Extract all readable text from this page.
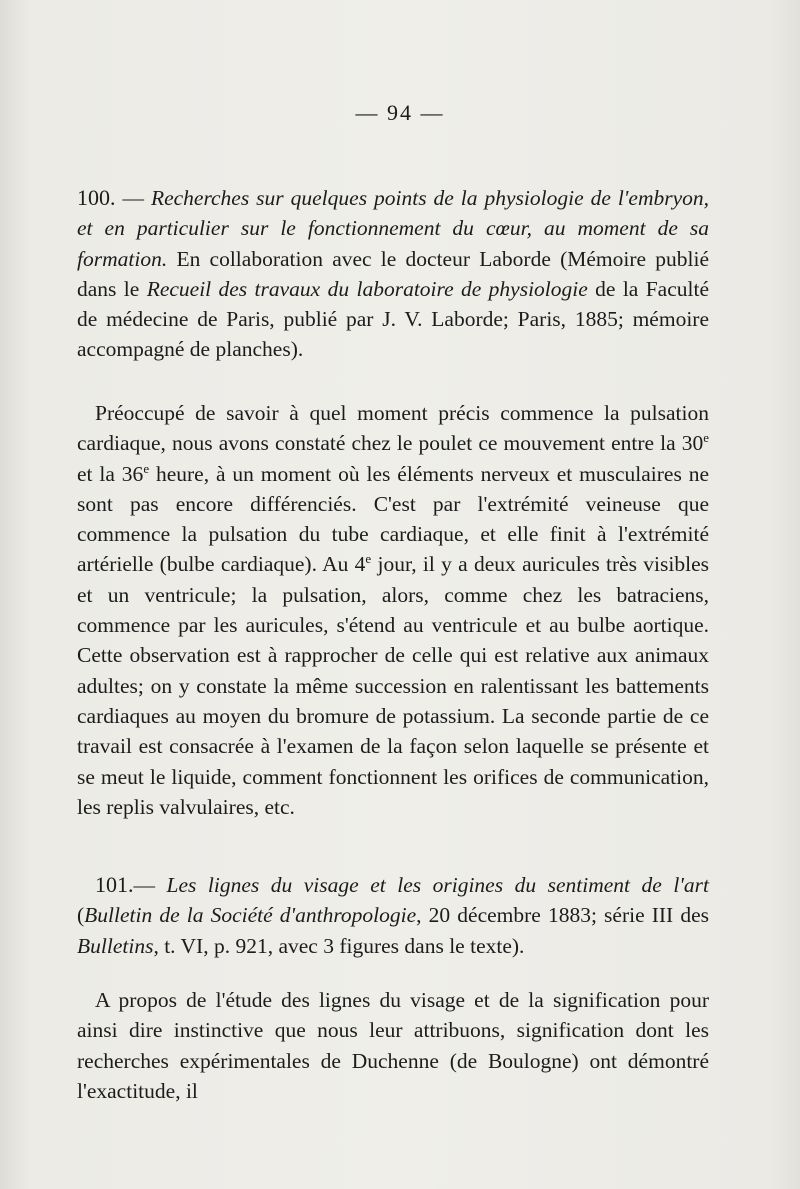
— 94 —

100. — Recherches sur quelques points de la physiologie de l'embryon, et en particulier sur le fonctionnement du cœur, au moment de sa formation. En collaboration avec le docteur Laborde (Mémoire publié dans le Recueil des travaux du laboratoire de physiologie de la Faculté de médecine de Paris, publié par J. V. Laborde; Paris, 1885; mémoire accompagné de planches).

Préoccupé de savoir à quel moment précis commence la pulsation cardiaque, nous avons constaté chez le poulet ce mouvement entre la 30e et la 36e heure, à un moment où les éléments nerveux et musculaires ne sont pas encore différenciés. C'est par l'extrémité veineuse que commence la pulsation du tube cardiaque, et elle finit à l'extrémité artérielle (bulbe cardiaque). Au 4e jour, il y a deux auricules très visibles et un ventricule; la pulsation, alors, comme chez les batraciens, commence par les auricules, s'étend au ventricule et au bulbe aortique. Cette observation est à rapprocher de celle qui est relative aux animaux adultes; on y constate la même succession en ralentissant les battements cardiaques au moyen du bromure de potassium. La seconde partie de ce travail est consacrée à l'examen de la façon selon laquelle se présente et se meut le liquide, comment fonctionnent les orifices de communication, les replis valvulaires, etc.

101.— Les lignes du visage et les origines du sentiment de l'art (Bulletin de la Société d'anthropologie, 20 décembre 1883; série III des Bulletins, t. VI, p. 921, avec 3 figures dans le texte).

A propos de l'étude des lignes du visage et de la signification pour ainsi dire instinctive que nous leur attribuons, signification dont les recherches expérimentales de Duchenne (de Boulogne) ont démontré l'exactitude, il
